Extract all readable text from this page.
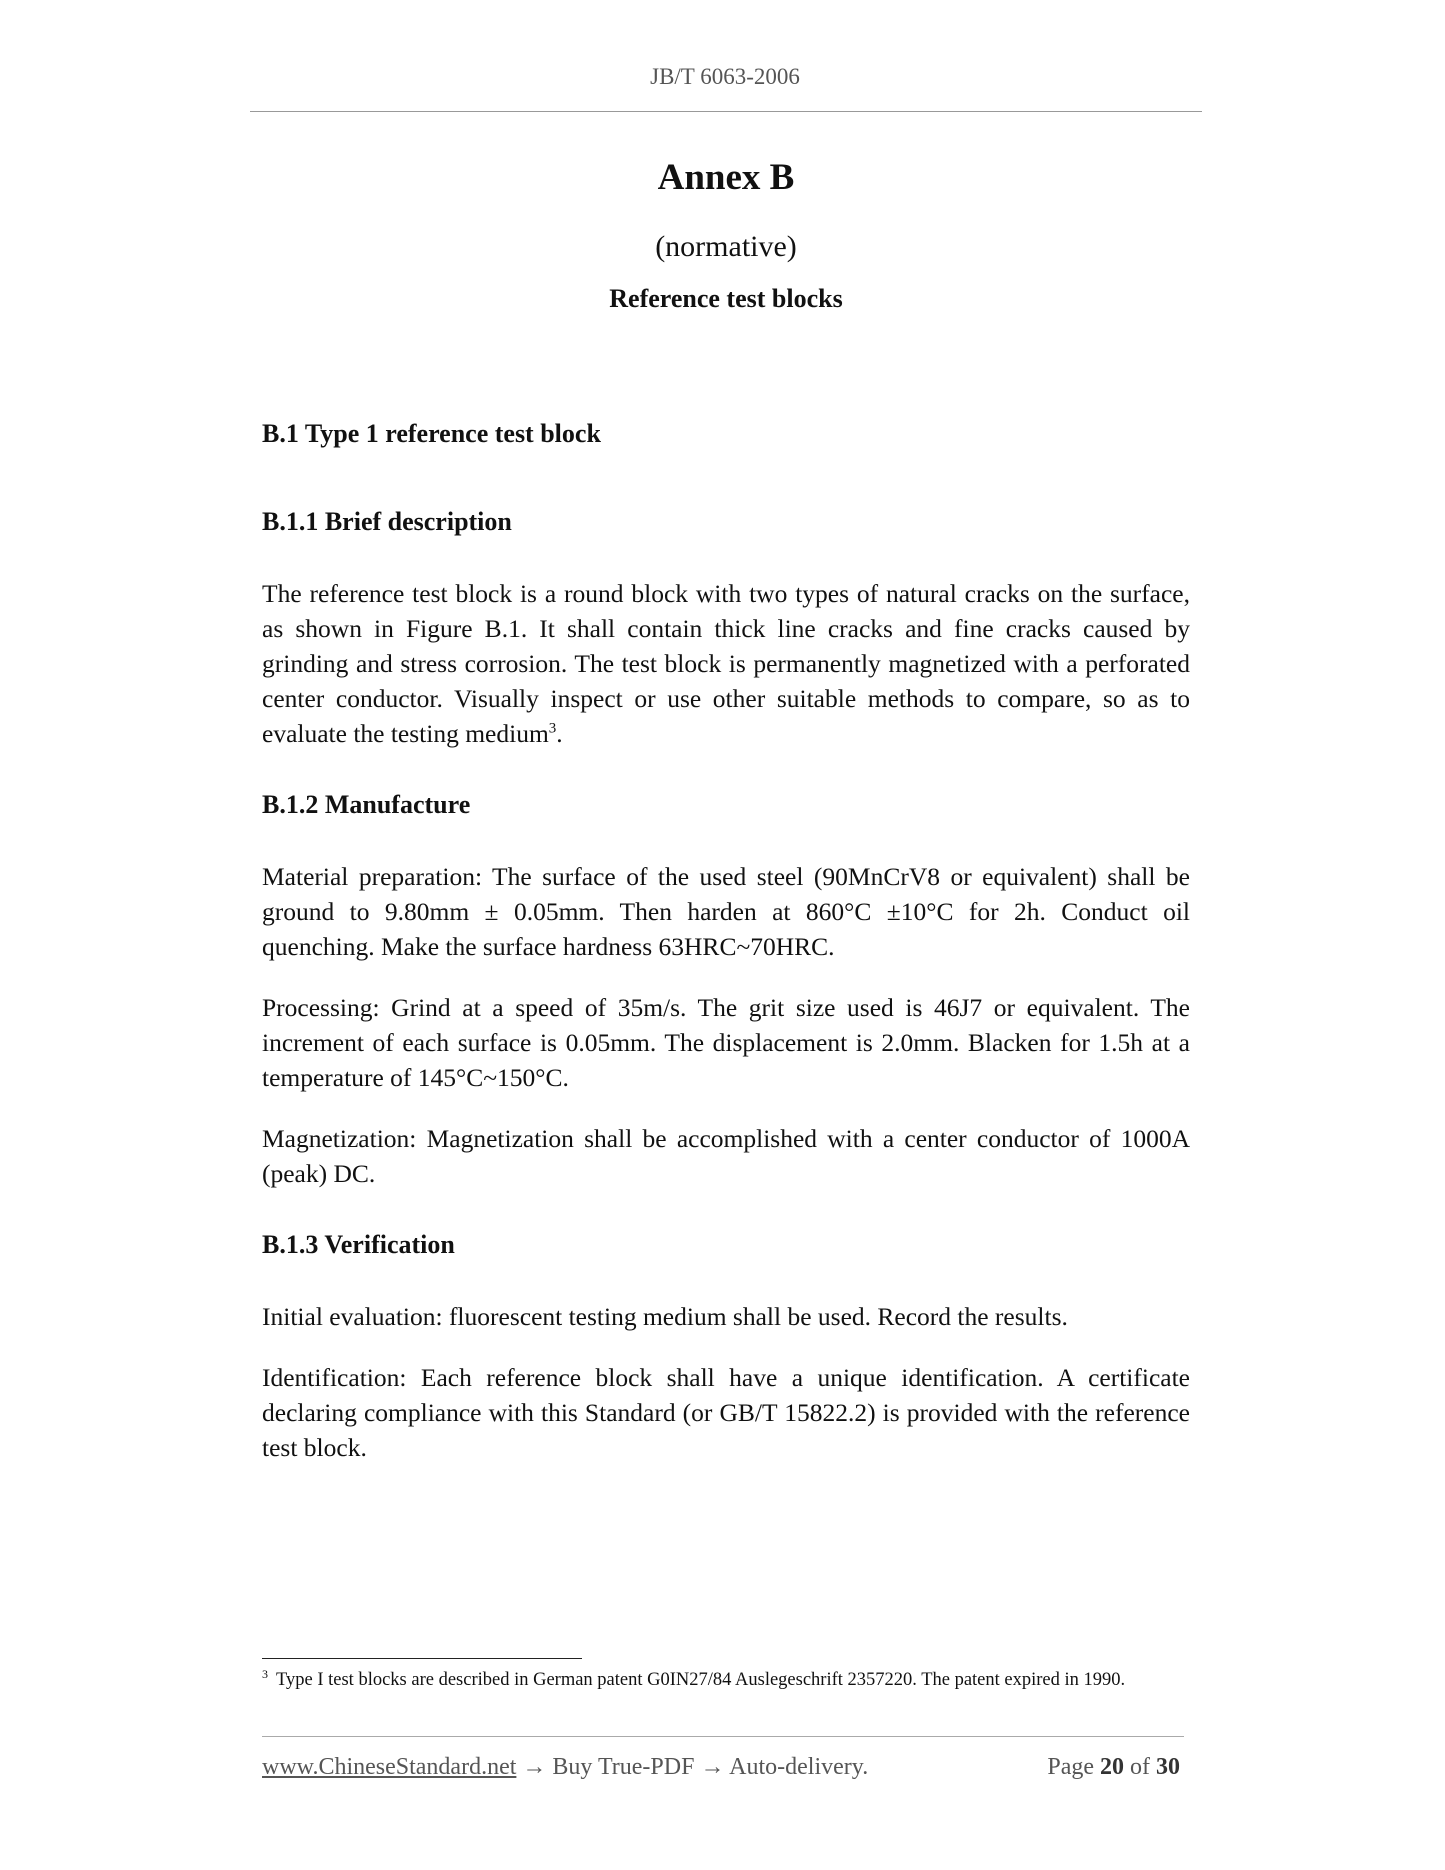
JB/T 6063-2006
Annex B
(normative)
Reference test blocks
B.1 Type 1 reference test block
B.1.1 Brief description

The reference test block is a round block with two types of natural cracks on the surface, as shown in Figure B.1. It shall contain thick line cracks and fine cracks caused by grinding and stress corrosion. The test block is permanently magnetized with a perforated center conductor. Visually inspect or use other suitable methods to compare, so as to evaluate the testing medium$^3$.

B.1.2 Manufacture

Material preparation: The surface of the used steel (90MnCrV8 or equivalent) shall be ground to 9.80mm ± 0.05mm. Then harden at 860°C ±10°C for 2h. Conduct oil quenching. Make the surface hardness 63HRC~70HRC.

Processing: Grind at a speed of 35m/s. The grit size used is 46J7 or equivalent. The increment of each surface is 0.05mm. The displacement is 2.0mm. Blacken for 1.5h at a temperature of 145°C~150°C.

Magnetization: Magnetization shall be accomplished with a center conductor of 1000A (peak) DC.

B.1.3 Verification

Initial evaluation: fluorescent testing medium shall be used. Record the results.

Identification: Each reference block shall have a unique identification. A certificate declaring compliance with this Standard (or GB/T 15822.2) is provided with the reference test block.

$^3$ Type I test blocks are described in German patent G0IN27/84 Auslegeschrift 2357220. The patent expired in 1990.
www.ChineseStandard.net → Buy True-PDF → Auto-delivery.	Page 20 of 30
